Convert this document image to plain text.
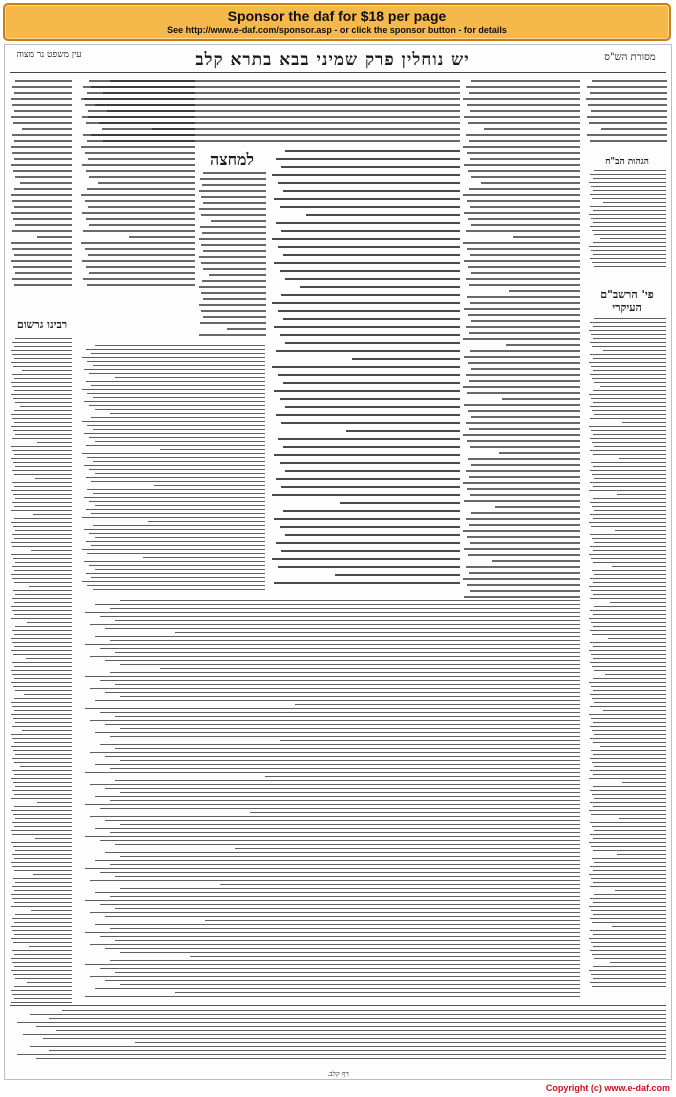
Sponsor the daf for $18 per page
See http://www.e-daf.com/sponsor.asp - or click the sponsor button - for details
עין משפט נר מצוה	יש נוחלין פרק שמיני בבא בתרא קלב	מסורת הש"ס
רבינו גרשום
למחצה	הגהות הב"ח
פי' הרשב"ם העיקרי
דף קלב.
Copyright (c) www.e-daf.com
